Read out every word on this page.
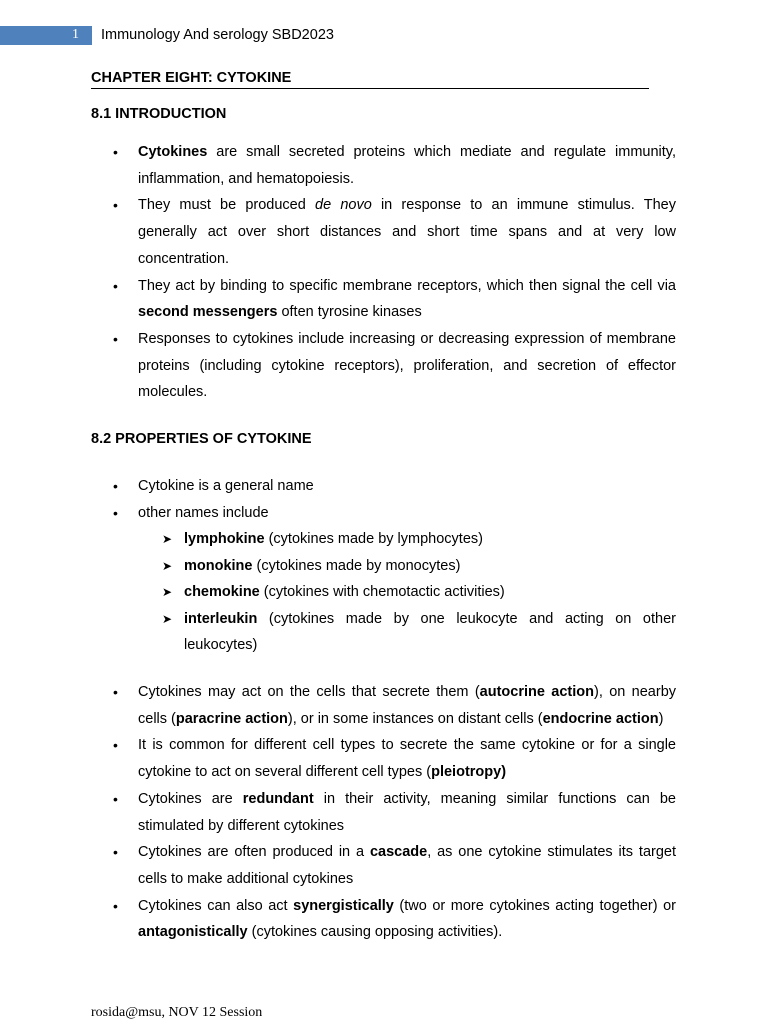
1 Immunology And serology SBD2023
CHAPTER EIGHT: CYTOKINE
8.1 INTRODUCTION
• Cytokines are small secreted proteins which mediate and regulate immunity, inflammation, and hematopoiesis.
• They must be produced de novo in response to an immune stimulus. They generally act over short distances and short time spans and at very low concentration.
• They act by binding to specific membrane receptors, which then signal the cell via second messengers often tyrosine kinases
• Responses to cytokines include increasing or decreasing expression of membrane proteins (including cytokine receptors), proliferation, and secretion of effector molecules.
8.2 PROPERTIES OF CYTOKINE
• Cytokine is a general name
• other names include
➤ lymphokine (cytokines made by lymphocytes)
➤ monokine (cytokines made by monocytes)
➤ chemokine (cytokines with chemotactic activities)
➤ interleukin (cytokines made by one leukocyte and acting on other leukocytes)
• Cytokines may act on the cells that secrete them (autocrine action), on nearby cells (paracrine action), or in some instances on distant cells (endocrine action)
• It is common for different cell types to secrete the same cytokine or for a single cytokine to act on several different cell types (pleiotropy)
• Cytokines are redundant in their activity, meaning similar functions can be stimulated by different cytokines
• Cytokines are often produced in a cascade, as one cytokine stimulates its target cells to make additional cytokines
• Cytokines can also act synergistically (two or more cytokines acting together) or antagonistically (cytokines causing opposing activities).
rosida@msu, NOV 12 Session
